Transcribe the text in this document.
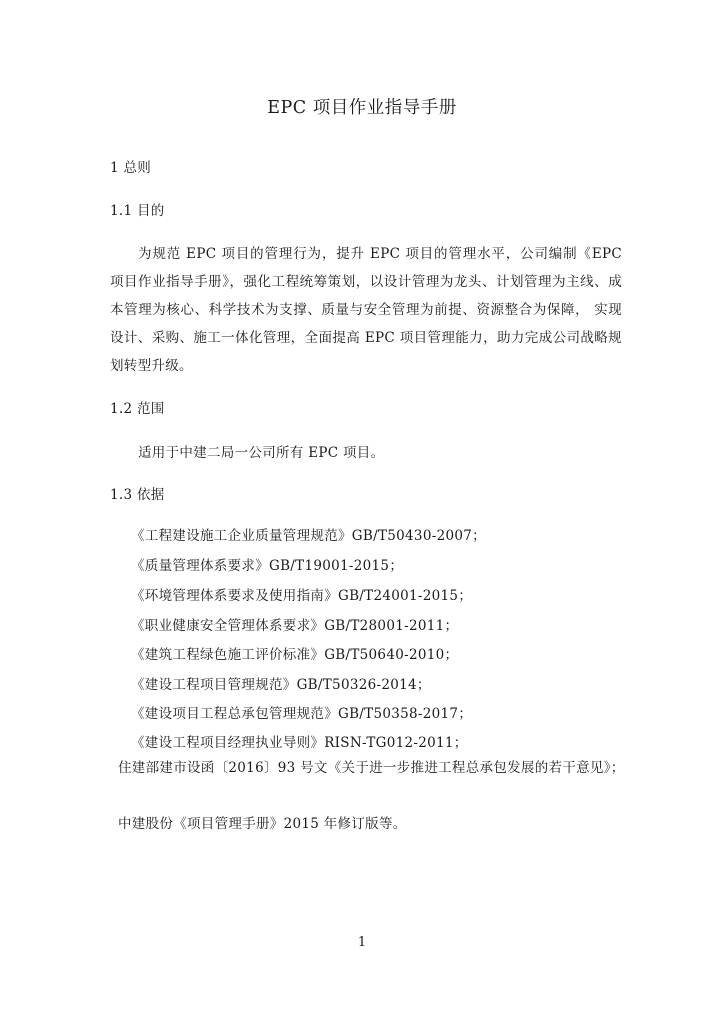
EPC 项目作业指导手册
1 总则
1.1 目的
为规范 EPC 项目的管理行为，提升 EPC 项目的管理水平，公司编制《EPC 项目作业指导手册》，强化工程统筹策划，以设计管理为龙头、计划管理为主线、成本管理为核心、科学技术为支撑、质量与安全管理为前提、资源整合为保障， 实现设计、采购、施工一体化管理，全面提高 EPC 项目管理能力，助力完成公司战略规划转型升级。
1.2 范围
适用于中建二局一公司所有 EPC 项目。
1.3 依据
《工程建设施工企业质量管理规范》GB/T50430-2007；
《质量管理体系要求》GB/T19001-2015；
《环境管理体系要求及使用指南》GB/T24001-2015；
《职业健康安全管理体系要求》GB/T28001-2011；
《建筑工程绿色施工评价标准》GB/T50640-2010；
《建设工程项目管理规范》GB/T50326-2014；
《建设项目工程总承包管理规范》GB/T50358-2017；
《建设工程项目经理执业导则》RISN-TG012-2011；
住建部建市设函〔2016〕93 号文《关于进一步推进工程总承包发展的若干意见》；
中建股份《项目管理手册》2015 年修订版等。
1
